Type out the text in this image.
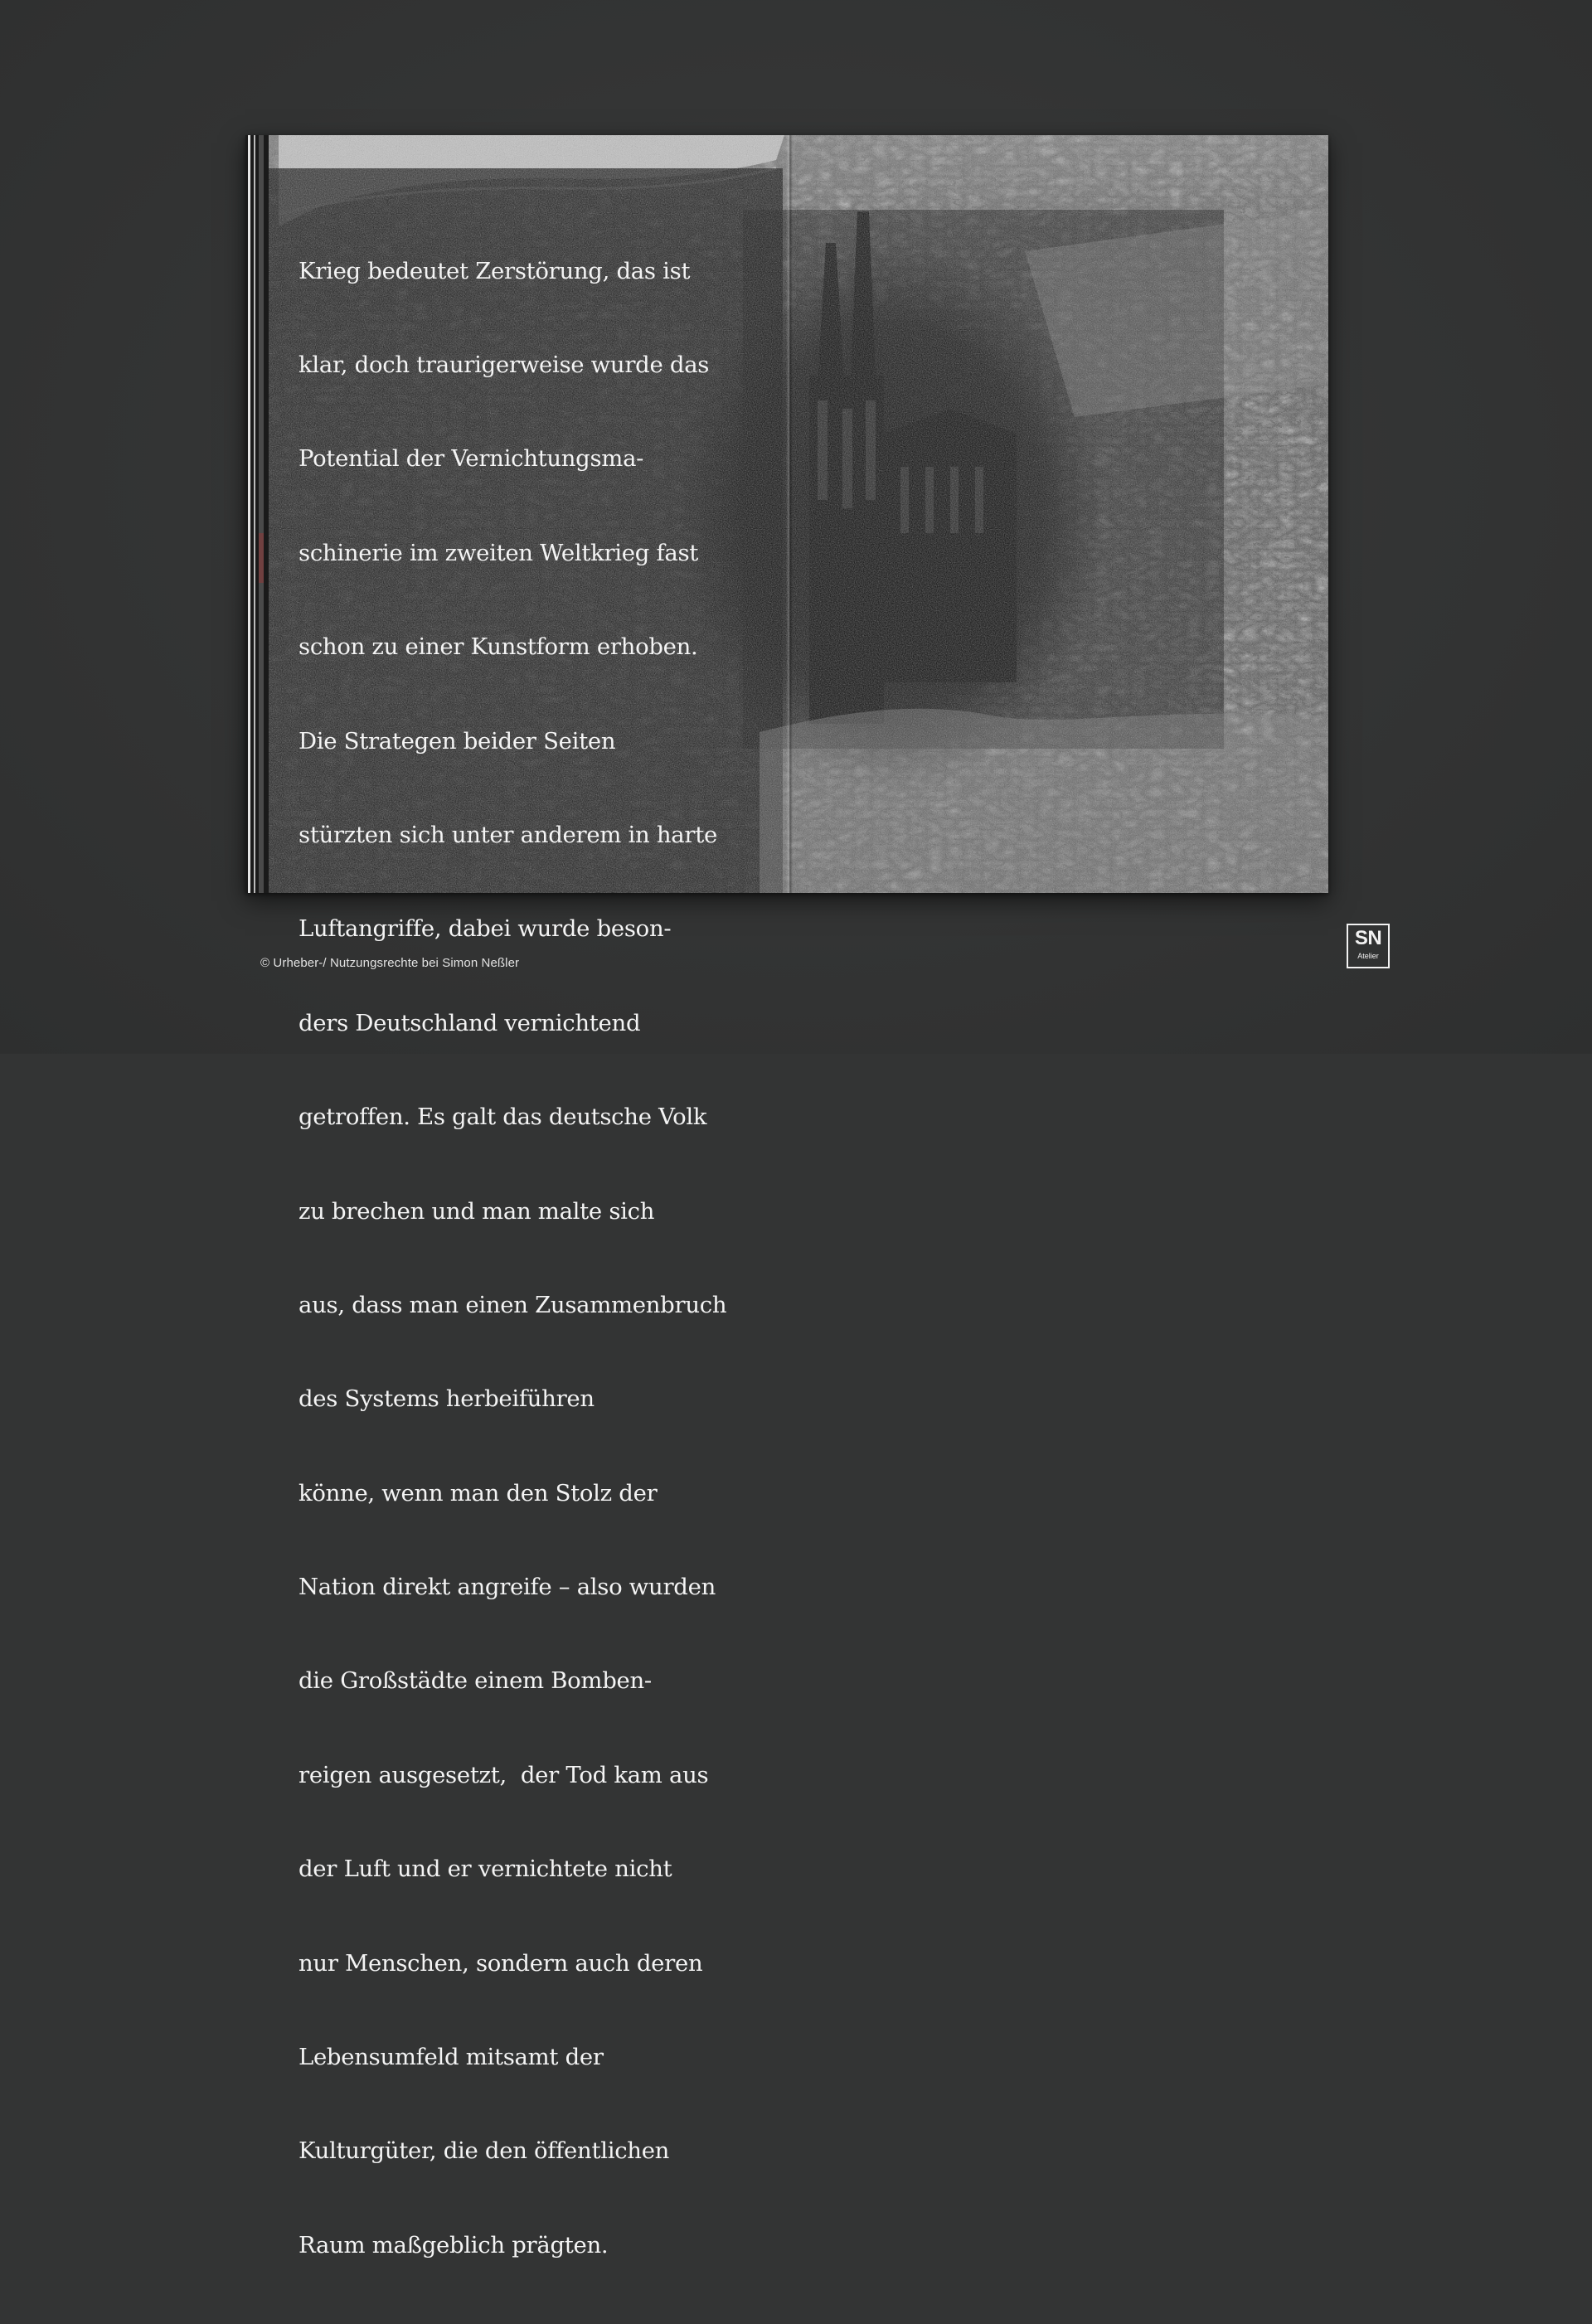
Krieg bedeutet Zerstörung, das ist

klar, doch traurigerweise wurde das

Potential der Vernichtungsma-

schinerie im zweiten Weltkrieg fast

schon zu einer Kunstform erhoben.

Die Strategen beider Seiten

stürzten sich unter anderem in harte

Luftangriffe, dabei wurde beson-

ders Deutschland vernichtend

getroffen. Es galt das deutsche Volk

zu brechen und man malte sich

aus, dass man einen Zusammenbruch

des Systems herbeiführen

könne, wenn man den Stolz der

Nation direkt angreife – also wurden

die Großstädte einem Bomben-

reigen ausgesetzt,  der Tod kam aus

der Luft und er vernichtete nicht

nur Menschen, sondern auch deren

Lebensumfeld mitsamt der

Kulturgüter, die den öffentlichen

Raum maßgeblich prägten.

© Urheber-/ Nutzungsrechte bei Simon Neßler
SN
Atelier
